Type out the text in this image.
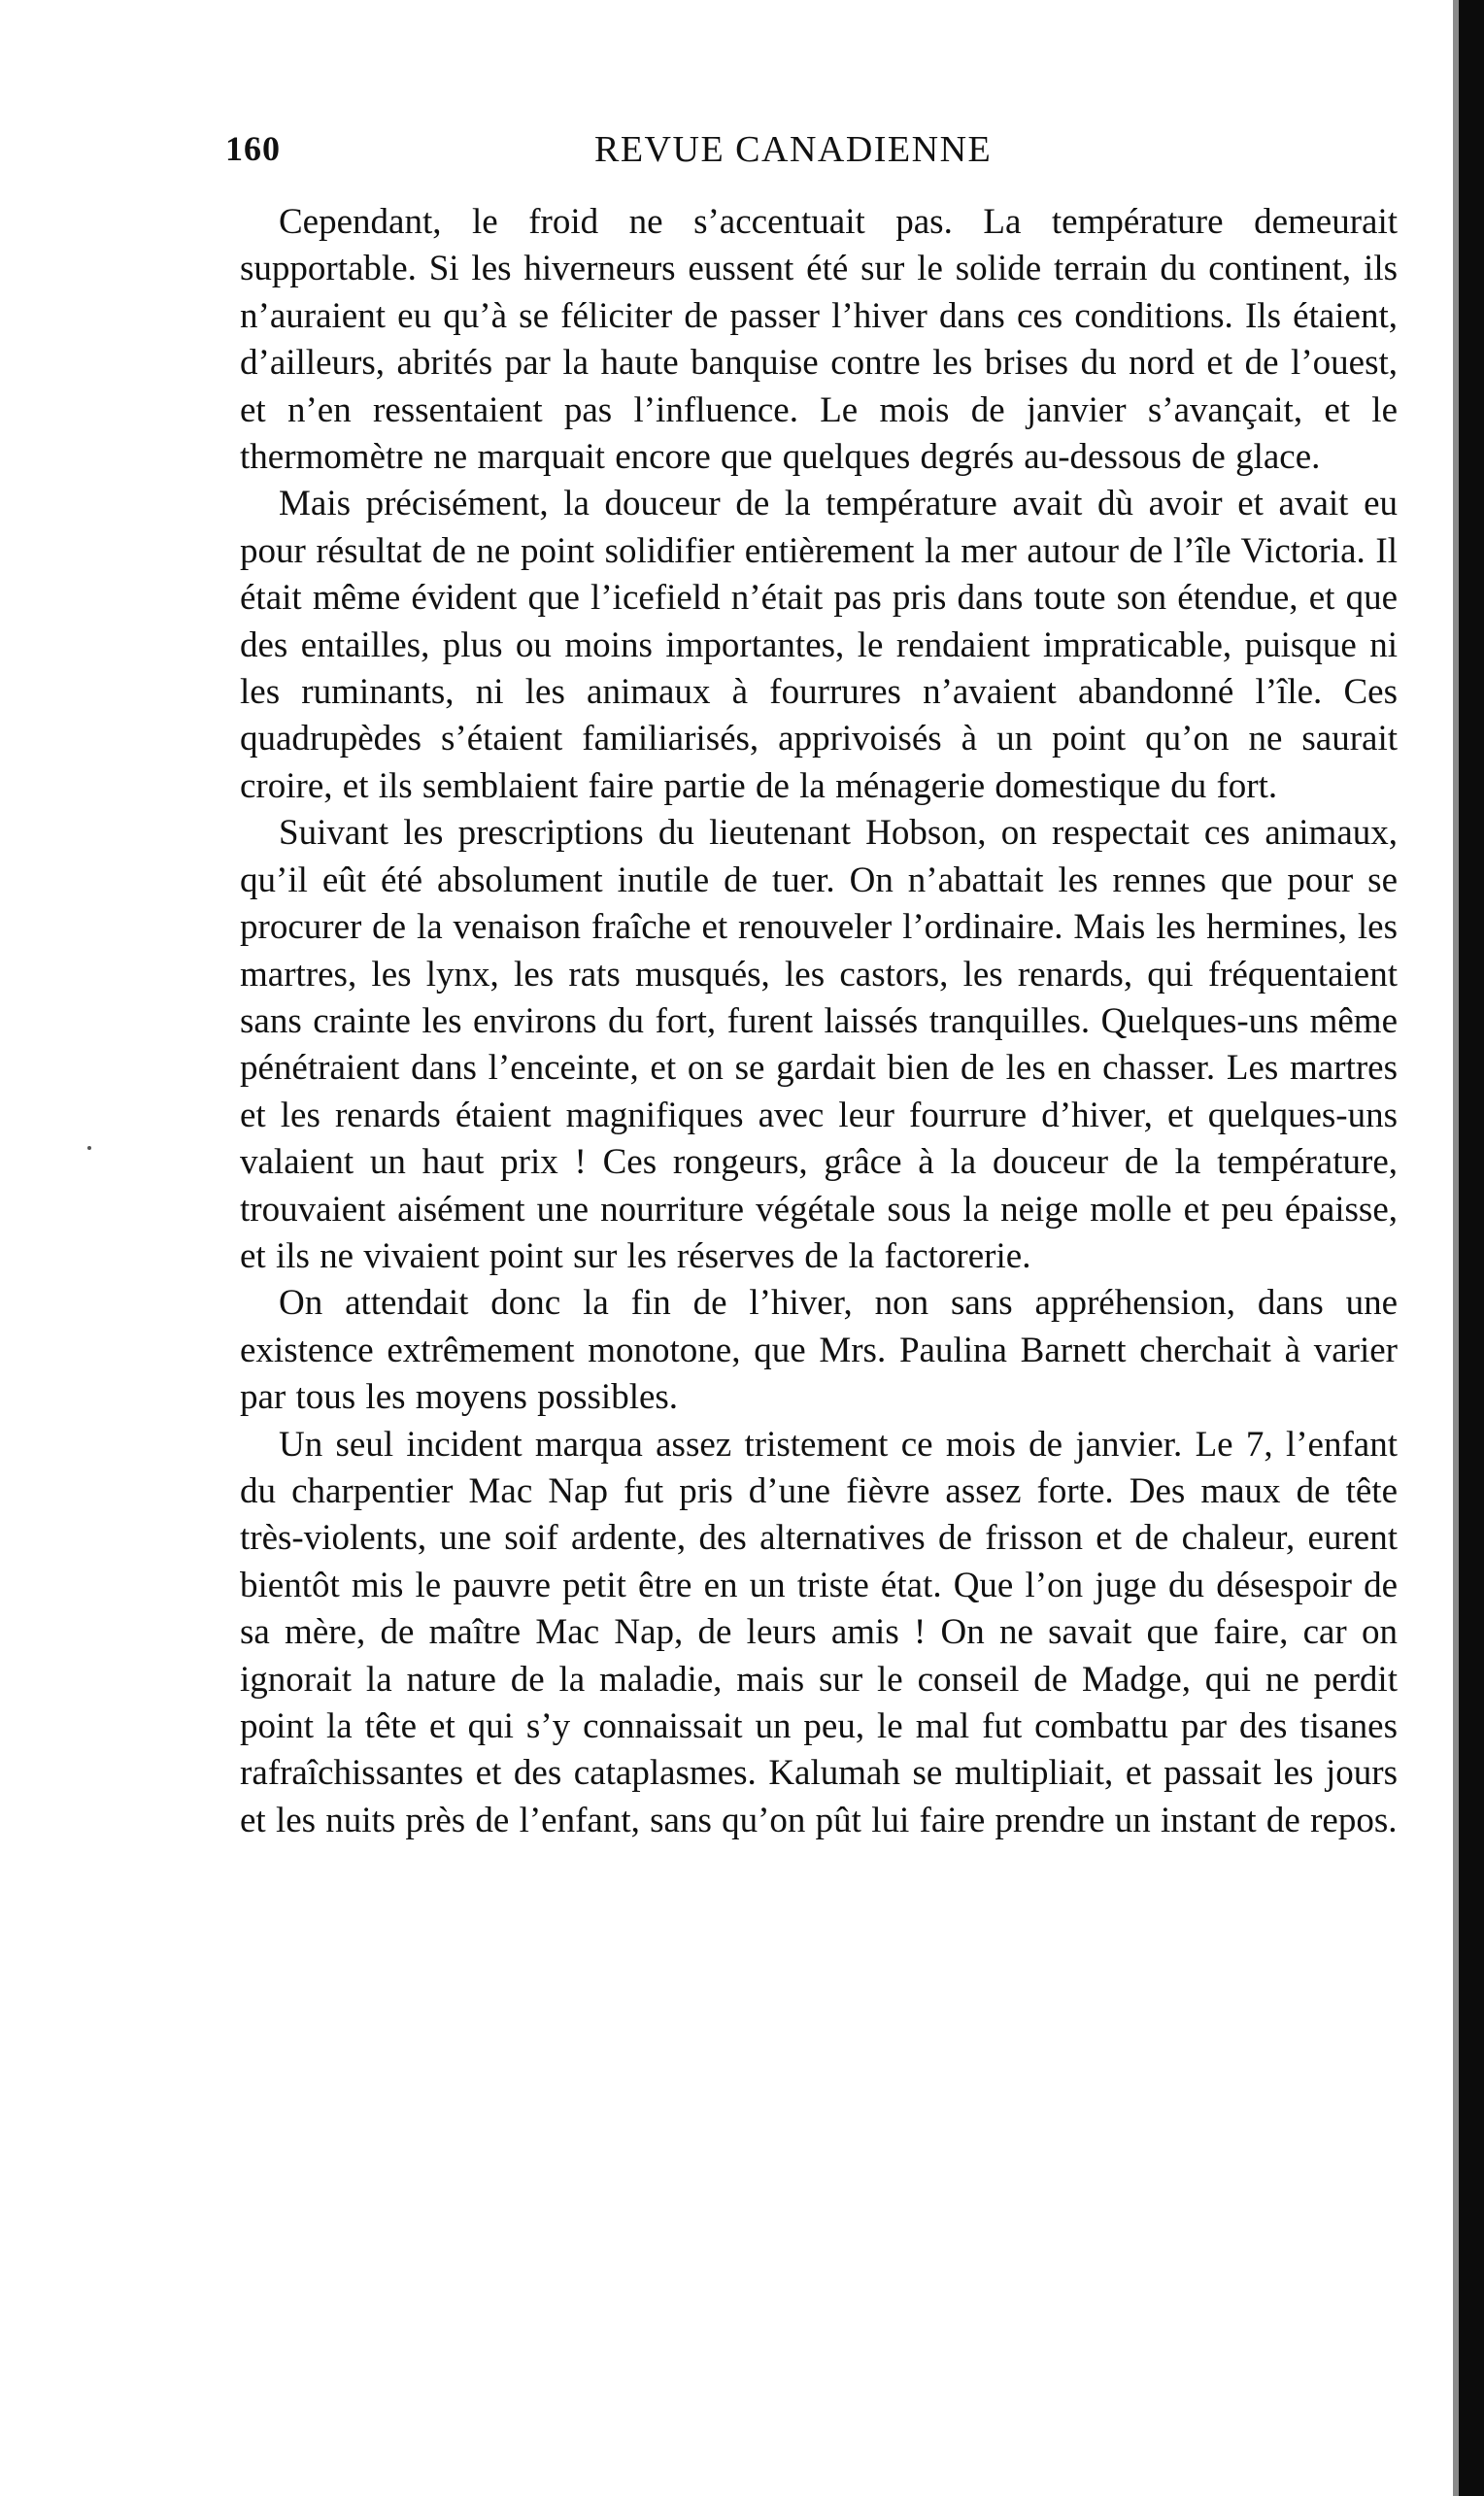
160	REVUE CANADIENNE

Cependant, le froid ne s’accentuait pas. La température demeurait supportable. Si les hiverneurs eussent été sur le solide terrain du continent, ils n’auraient eu qu’à se féliciter de passer l’hiver dans ces conditions. Ils étaient, d’ailleurs, abrités par la haute banquise contre les brises du nord et de l’ouest, et n’en ressentaient pas l’influence. Le mois de janvier s’avançait, et le thermomètre ne marquait encore que quelques degrés au-dessous de glace.

Mais précisément, la douceur de la température avait dù avoir et avait eu pour résultat de ne point solidifier entièrement la mer autour de l’île Victoria. Il était même évident que l’icefield n’était pas pris dans toute son étendue, et que des entailles, plus ou moins importantes, le rendaient impraticable, puisque ni les ruminants, ni les animaux à fourrures n’avaient abandonné l’île. Ces quadrupèdes s’étaient familiarisés, apprivoisés à un point qu’on ne saurait croire, et ils semblaient faire partie de la ménagerie domestique du fort.

Suivant les prescriptions du lieutenant Hobson, on respectait ces animaux, qu’il eût été absolument inutile de tuer. On n’abattait les rennes que pour se procurer de la venaison fraîche et renouveler l’ordinaire. Mais les hermines, les martres, les lynx, les rats musqués, les castors, les renards, qui fréquentaient sans crainte les environs du fort, furent laissés tranquilles. Quelques-uns même pénétraient dans l’enceinte, et on se gardait bien de les en chasser. Les martres et les renards étaient magnifiques avec leur fourrure d’hiver, et quelques-uns valaient un haut prix ! Ces rongeurs, grâce à la douceur de la température, trouvaient aisément une nourriture végétale sous la neige molle et peu épaisse, et ils ne vivaient point sur les réserves de la factorerie.

On attendait donc la fin de l’hiver, non sans appréhension, dans une existence extrêmement monotone, que Mrs. Paulina Barnett cherchait à varier par tous les moyens possibles.

Un seul incident marqua assez tristement ce mois de janvier. Le 7, l’enfant du charpentier Mac Nap fut pris d’une fièvre assez forte. Des maux de tête très-violents, une soif ardente, des alternatives de frisson et de chaleur, eurent bientôt mis le pauvre petit être en un triste état. Que l’on juge du désespoir de sa mère, de maître Mac Nap, de leurs amis ! On ne savait que faire, car on ignorait la nature de la maladie, mais sur le conseil de Madge, qui ne perdit point la tête et qui s’y connaissait un peu, le mal fut combattu par des tisanes rafraîchissantes et des cataplasmes. Kalumah se multipliait, et passait les jours et les nuits près de l’enfant, sans qu’on pût lui faire prendre un instant de repos.
